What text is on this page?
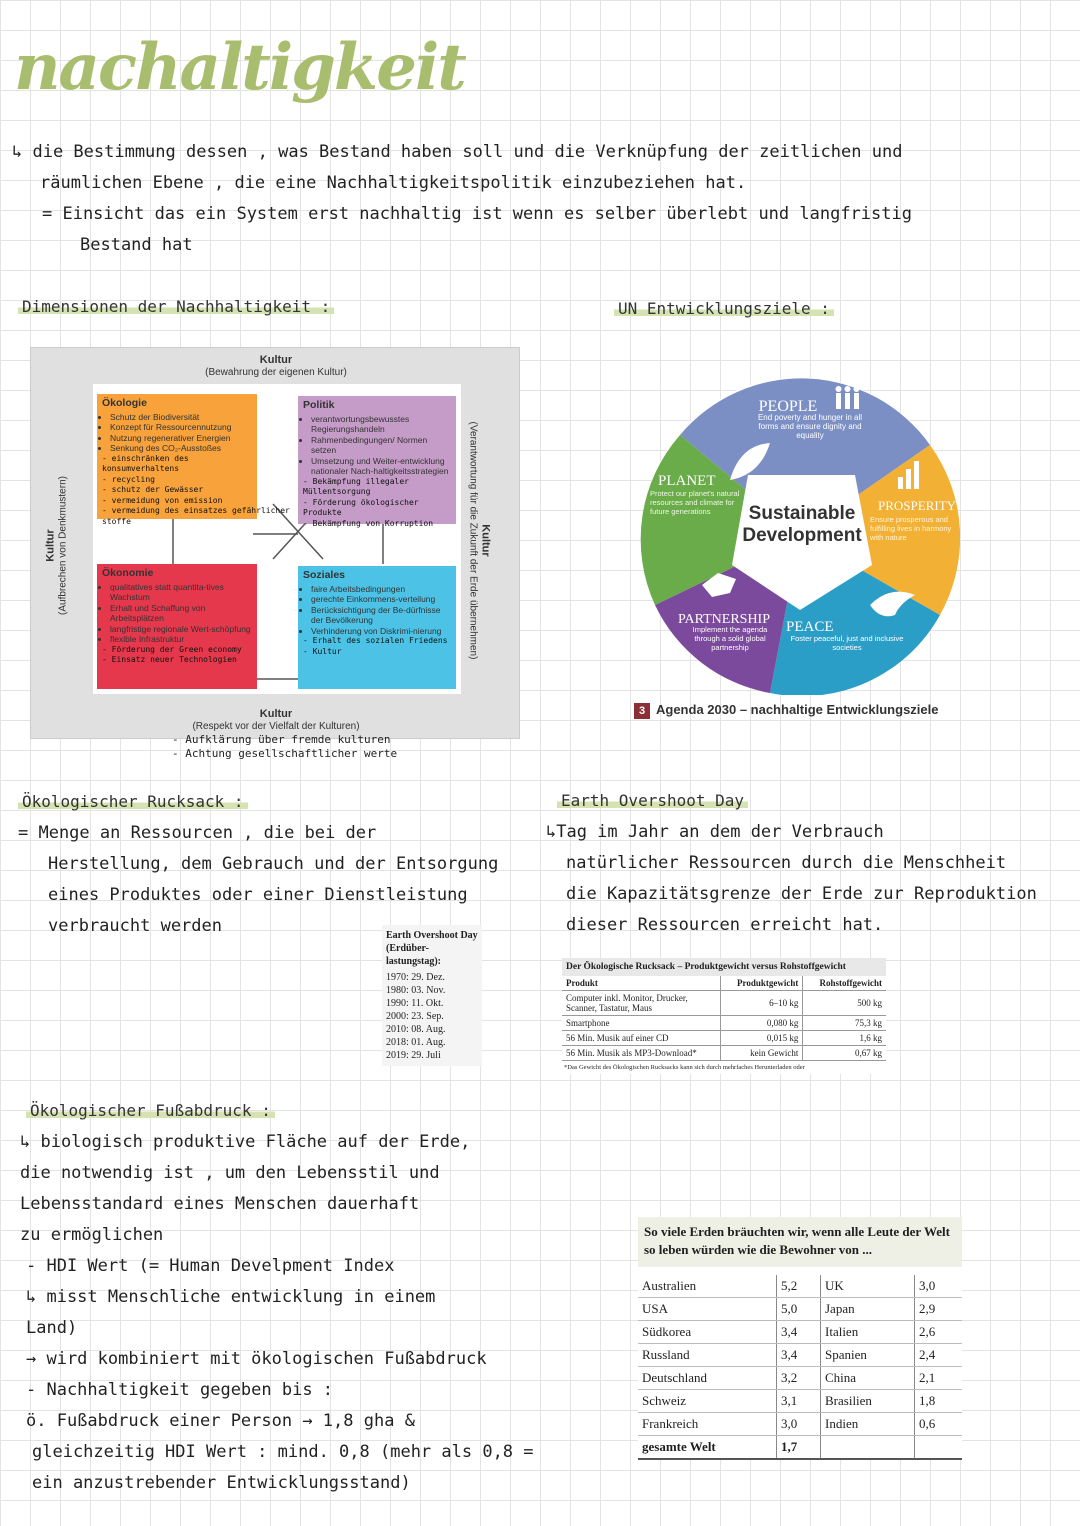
nachaltigkeit
↳ die Bestimmung dessen , was Bestand haben soll und die Verknüpfung der zeitlichen und
räumlichen Ebene , die eine Nachhaltigkeitspolitik einzubeziehen hat.
= Einsicht das ein System erst nachhaltig ist wenn es selber überlebt und langfristig
Bestand hat
Dimensionen der Nachhaltigkeit :
Kultur
(Bewahrung der eigenen Kultur)
Kultur
(Respekt vor der Vielfalt der Kulturen)
Kultur
(Aufbrechen von Denkmustern)	Kultur
(Verantwortung für die Zukunft der Erde übernehmen)
Ökologie
• Schutz der Biodiversität
• Konzept für Ressourcennutzung
• Nutzung regenerativer Energien
• Senkung des CO₂-Ausstoßes
- einschränken des konsumverhaltens
- recycling
- schutz der Gewässer
- vermeidung von emission
- vermeidung des einsatzes gefährlicher
stoffe
Politik
• verantwortungsbewusstes Regierungshandeln
• Rahmenbedingungen/ Normen setzen
• Umsetzung und Weiter-entwicklung nationaler Nach-haltigkeitsstrategien
- Bekämpfung illegaler Müllentsorgung
- Förderung ökologischer Produkte
- Bekämpfung von Korruption
Ökonomie
• qualitatives statt quantita-tives Wachstum
• Erhalt und Schaffung von Arbeitsplätzen
• langfristige regionale Wert-schöpfung
• flexible Infrastruktur
- Förderung der Green economy
- Einsatz neuer Technologien
Soziales
• faire Arbeitsbedingungen
• gerechte Einkommens-verteilung
• Berücksichtigung der Be-dürfnisse der Bevölkerung
• Verhinderung von Diskrimi-nierung
- Erhalt des sozialen Friedens
- Kultur
- Aufklärung über fremde kulturen
- Achtung gesellschaftlicher werte
UN Entwicklungsziele :
Sustainable
Development
PEOPLE
PLANET
PROSPERITY
PARTNERSHIP PEACE
End poverty and hunger in all forms and ensure dignity and equality
Protect our planet's natural resources and climate for future generations
Ensure prosperous and fulfilling lives in harmony with nature
Implement the agenda through a solid global partnership
Foster peaceful, just and inclusive societies
3 Agenda 2030 – nachhaltige Entwicklungsziele
Ökologischer Rucksack :
= Menge an Ressourcen , die bei der
Herstellung, dem Gebrauch und der Entsorgung
eines Produktes oder einer Dienstleistung
verbraucht werden	Earth Overshoot Day (Erdüber-lastungstag):
1970: 29. Dez.
1980: 03. Nov.
1990: 11. Okt.
2000: 23. Sep.
2010: 08. Aug.
2018: 01. Aug.
2019: 29. Juli
Earth Overshoot Day
↳Tag im Jahr an dem der Verbrauch
natürlicher Ressourcen durch die Menschheit
die Kapazitätsgrenze der Erde zur Reproduktion
dieser Ressourcen erreicht hat.
Der Ökologische Rucksack – Produktgewicht versus Rohstoffgewicht
Produkt	Produktgewicht	Rohstoffgewicht
Computer inkl. Monitor, Drucker, Scanner, Tastatur, Maus	6–10 kg	500 kg
Smartphone	0,080 kg	75,3 kg
56 Min. Musik auf einer CD	0,015 kg	1,6 kg
56 Min. Musik als MP3-Download*	kein Gewicht	0,67 kg
*Das Gewicht des Ökologischen Rucksacks kann sich durch mehrfaches Herunterladen oder
Ökologischer Fußabdruck :
↳ biologisch produktive Fläche auf der Erde,
die notwendig ist , um den Lebensstil und
Lebensstandard eines Menschen dauerhaft
zu ermöglichen
- HDI Wert (= Human Develpment Index
↳ misst Menschliche entwicklung in einem
Land)
→ wird kombiniert mit ökologischen Fußabdruck
- Nachhaltigkeit gegeben bis :
ö. Fußabdruck einer Person → 1,8 gha &
gleichzeitig HDI Wert : mind. 0,8 (mehr als 0,8 =
ein anzustrebender Entwicklungsstand)
So viele Erden bräuchten wir, wenn alle Leute der Welt so leben würden wie die Bewohner von ...
Australien	5,2	UK	3,0
USA	5,0	Japan	2,9
Südkorea	3,4	Italien	2,6
Russland	3,4	Spanien	2,4
Deutschland	3,2	China	2,1
Schweiz	3,1	Brasilien	1,8
Frankreich	3,0	Indien	0,6
gesamte Welt	1,7		
